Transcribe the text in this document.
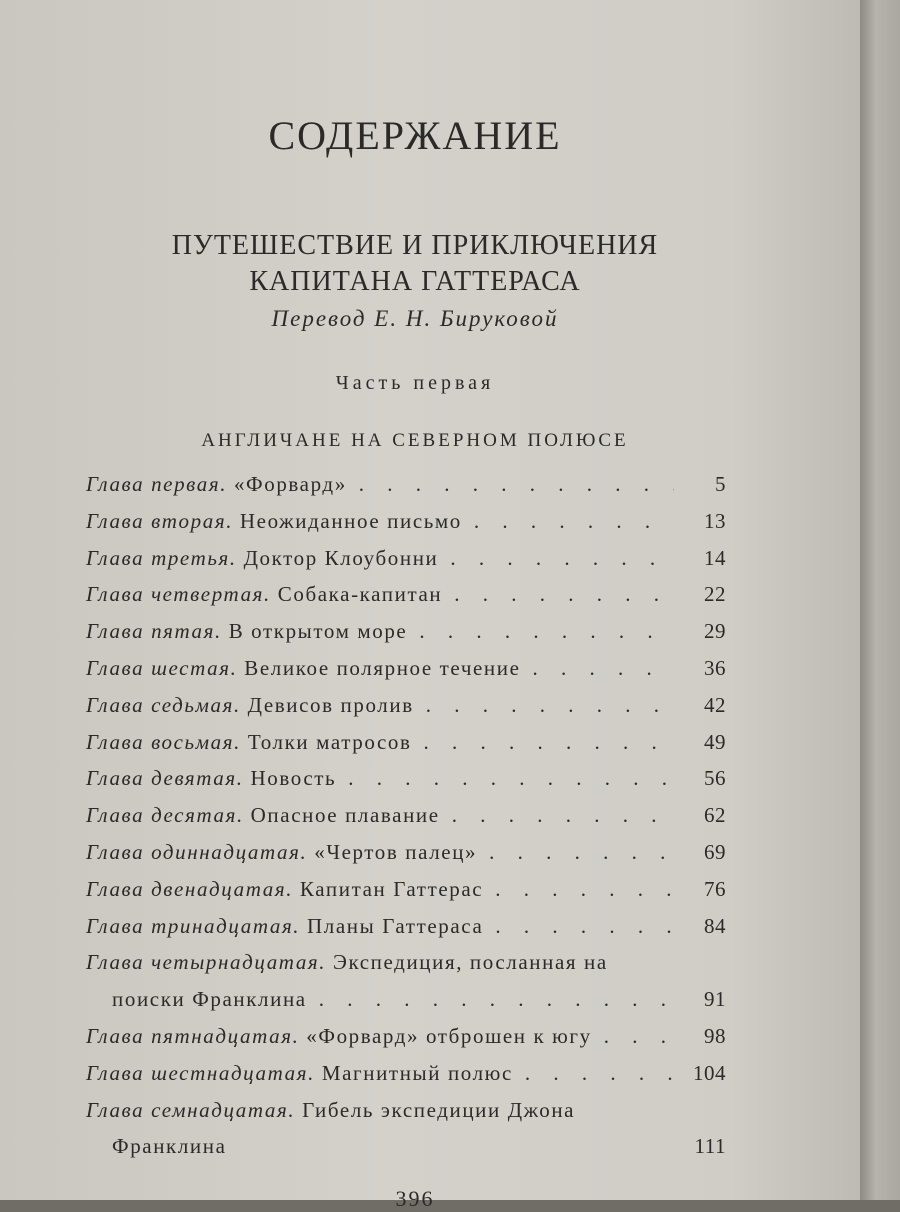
СОДЕРЖАНИЕ
ПУТЕШЕСТВИЕ И ПРИКЛЮЧЕНИЯ
КАПИТАНА ГАТТЕРАСА
Перевод Е. Н. Бируковой
Часть первая
АНГЛИЧАНЕ НА СЕВЕРНОМ ПОЛЮСЕ
Глава первая. «Форвард» . . .	5
Глава вторая. Неожиданное письмо . . .	13
Глава третья. Доктор Клоубонни . . .	14
Глава четвертая. Собака-капитан . . .	22
Глава пятая. В открытом море . . .	29
Глава шестая. Великое полярное течение . . .	36
Глава седьмая. Девисов пролив . . .	42
Глава восьмая. Толки матросов . . .	49
Глава девятая. Новость . . .	56
Глава десятая. Опасное плавание . . .	62
Глава одиннадцатая. «Чертов палец» . . .	69
Глава двенадцатая. Капитан Гаттерас . . .	76
Глава тринадцатая. Планы Гаттераса . . .	84
Глава четырнадцатая. Экспедиция, посланная на
поиски Франклина . . .	91
Глава пятнадцатая. «Форвард» отброшен к югу . . .	98
Глава шестнадцатая. Магнитный полюс . . .	104
Глава семнадцатая. Гибель экспедиции Джона
Франклина	111
396
